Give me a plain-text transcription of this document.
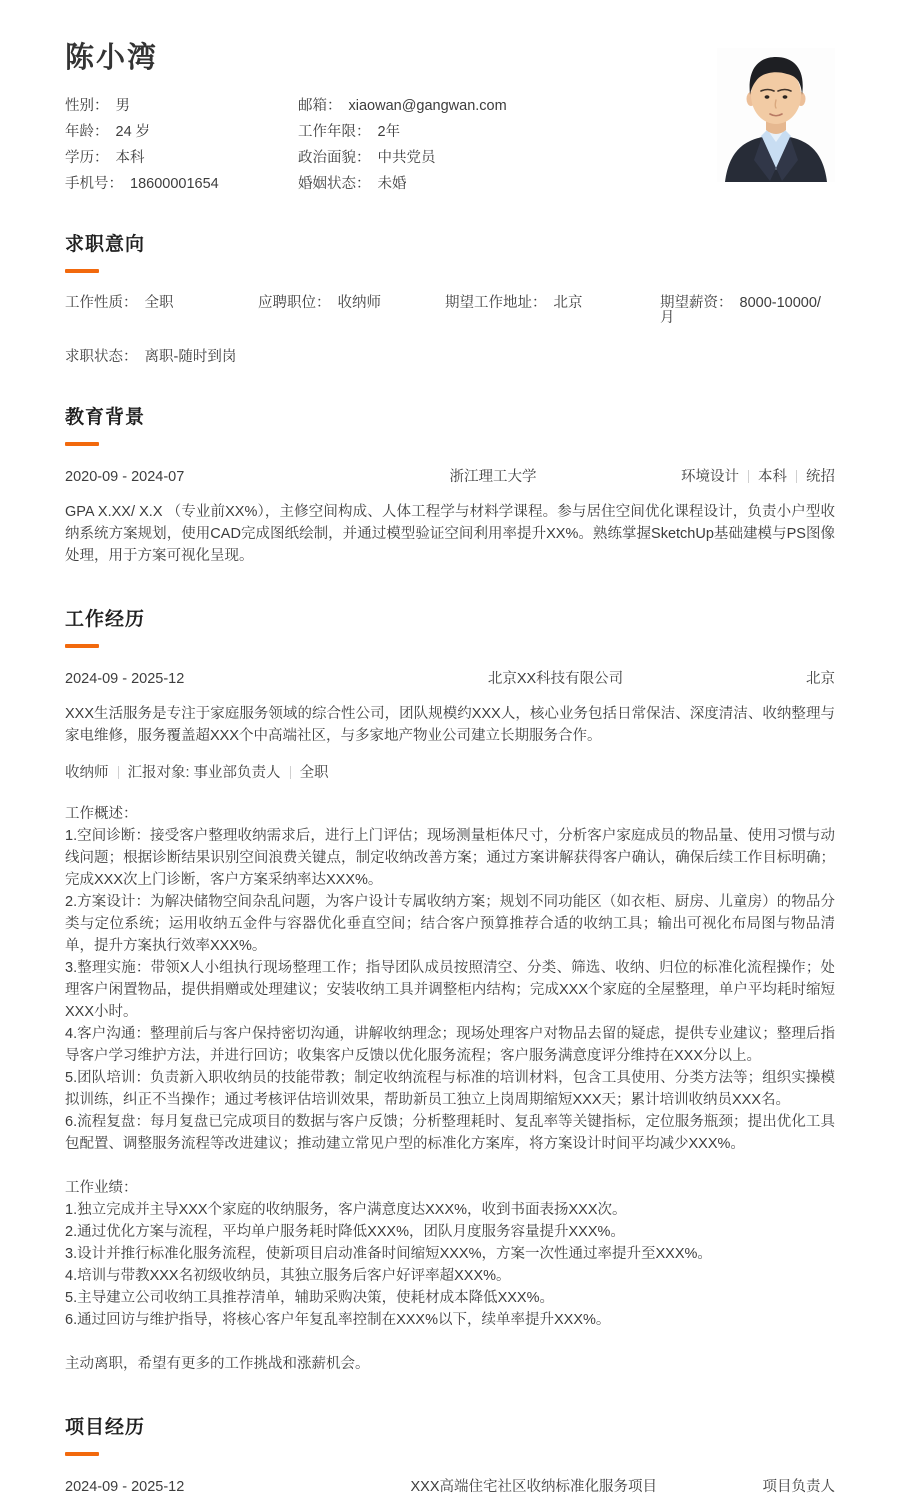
陈小湾
性别： 男	邮箱： xiaowan@gangwan.com
年龄： 24 岁	工作年限： 2年
学历： 本科	政治面貌： 中共党员
手机号： 18600001654	婚姻状态： 未婚
求职意向
工作性质： 全职	应聘职位： 收纳师	期望工作地址： 北京	期望薪资： 8000-10000/月
求职状态： 离职-随时到岗
教育背景
2020-09 - 2024-07	浙江理工大学	环境设计 本科 统招

GPA X.XX/ X.X （专业前XX%），主修空间构成、人体工程学与材料学课程。参与居住空间优化课程设计，负责小户型收纳系统方案规划，使用CAD完成图纸绘制，并通过模型验证空间利用率提升XX%。熟练掌握SketchUp基础建模与PS图像处理，用于方案可视化呈现。

工作经历
2024-09 - 2025-12	北京XX科技有限公司	北京

XXX生活服务是专注于家庭服务领域的综合性公司，团队规模约XXX人，核心业务包括日常保洁、深度清洁、收纳整理与家电维修，服务覆盖超XXX个中高端社区，与多家地产物业公司建立长期服务合作。

收纳师 汇报对象: 事业部负责人 全职
工作概述：
1.空间诊断：接受客户整理收纳需求后，进行上门评估；现场测量柜体尺寸，分析客户家庭成员的物品量、使用习惯与动线问题；根据诊断结果识别空间浪费关键点，制定收纳改善方案；通过方案讲解获得客户确认，确保后续工作目标明确；完成XXX次上门诊断，客户方案采纳率达XXX%。
2.方案设计：为解决储物空间杂乱问题，为客户设计专属收纳方案；规划不同功能区（如衣柜、厨房、儿童房）的物品分类与定位系统；运用收纳五金件与容器优化垂直空间；结合客户预算推荐合适的收纳工具；输出可视化布局图与物品清单，提升方案执行效率XXX%。
3.整理实施：带领X人小组执行现场整理工作；指导团队成员按照清空、分类、筛选、收纳、归位的标准化流程操作；处理客户闲置物品，提供捐赠或处理建议；安装收纳工具并调整柜内结构；完成XXX个家庭的全屋整理，单户平均耗时缩短XXX小时。
4.客户沟通：整理前后与客户保持密切沟通，讲解收纳理念；现场处理客户对物品去留的疑虑，提供专业建议；整理后指导客户学习维护方法，并进行回访；收集客户反馈以优化服务流程；客户服务满意度评分维持在XXX分以上。
5.团队培训：负责新入职收纳员的技能带教；制定收纳流程与标准的培训材料，包含工具使用、分类方法等；组织实操模拟训练，纠正不当操作；通过考核评估培训效果，帮助新员工独立上岗周期缩短XXX天；累计培训收纳员XXX名。
6.流程复盘：每月复盘已完成项目的数据与客户反馈；分析整理耗时、复乱率等关键指标，定位服务瓶颈；提出优化工具包配置、调整服务流程等改进建议；推动建立常见户型的标准化方案库，将方案设计时间平均减少XXX%。
工作业绩：
1.独立完成并主导XXX个家庭的收纳服务，客户满意度达XXX%，收到书面表扬XXX次。
2.通过优化方案与流程，平均单户服务耗时降低XXX%，团队月度服务容量提升XXX%。
3.设计并推行标准化服务流程，使新项目启动准备时间缩短XXX%，方案一次性通过率提升至XXX%。
4.培训与带教XXX名初级收纳员，其独立服务后客户好评率超XXX%。
5.主导建立公司收纳工具推荐清单，辅助采购决策，使耗材成本降低XXX%。
6.通过回访与维护指导，将核心客户年复乱率控制在XXX%以下，续单率提升XXX%。
主动离职，希望有更多的工作挑战和涨薪机会。
项目经历
2024-09 - 2025-12	XXX高端住宅社区收纳标准化服务项目	项目负责人
